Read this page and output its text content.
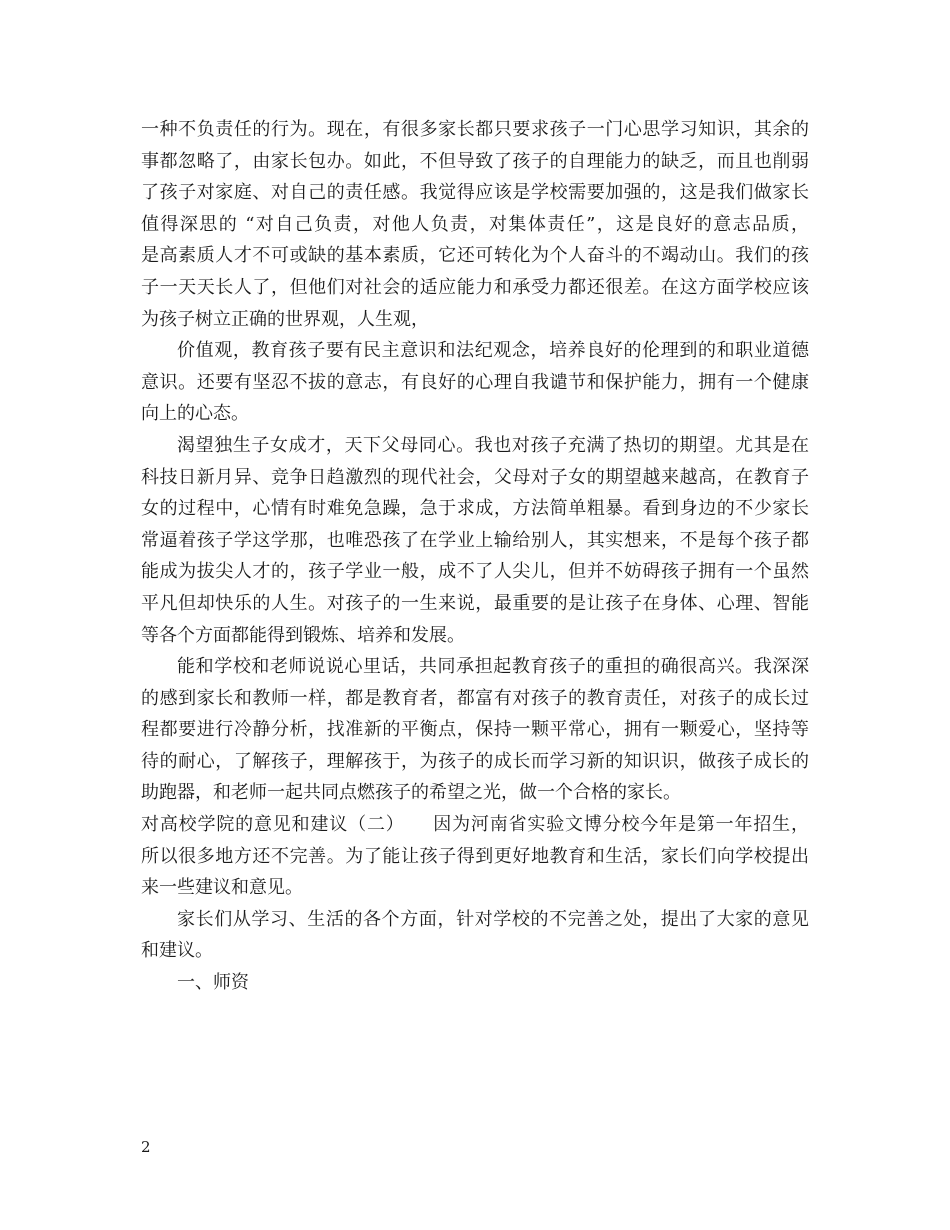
一种不负责任的行为。现在，有很多家长都只要求孩子一门心思学习知识，其余的
事都忽略了，由家长包办。如此，不但导致了孩子的自理能力的缺乏，而且也削弱
了孩子对家庭、对自己的责任感。我觉得应该是学校需要加强的，这是我们做家长
值得深思的 “对自己负责，对他人负责，对集体责任”，这是良好的意志品质，
是高素质人才不可或缺的基本素质，它还可转化为个人奋斗的不竭动山。我们的孩
子一天天长人了，但他们对社会的适应能力和承受力都还很差。在这方面学校应该
为孩子树立正确的世界观，人生观，
价值观，教育孩子要有民主意识和法纪观念，培养良好的伦理到的和职业道德
意识。还要有坚忍不拔的意志，有良好的心理自我谴节和保护能力，拥有一个健康
向上的心态。
渴望独生子女成才，天下父母同心。我也对孩子充满了热切的期望。尤其是在
科技日新月异、竞争日趋激烈的现代社会，父母对子女的期望越来越高，在教育子
女的过程中，心情有时难免急躁，急于求成，方法简单粗暴。看到身边的不少家长
常逼着孩子学这学那，也唯恐孩了在学业上输给别人，其实想来，不是每个孩子都
能成为拔尖人才的，孩子学业一般，成不了人尖儿，但并不妨碍孩子拥有一个虽然
平凡但却快乐的人生。对孩子的一生来说，最重要的是让孩子在身体、心理、智能
等各个方面都能得到锻炼、培养和发展。
能和学校和老师说说心里话，共同承担起教育孩子的重担的确很高兴。我深深
的感到家长和教师一样，都是教育者，都富有对孩子的教育责任，对孩子的成长过
程都要进行冷静分析，找准新的平衡点，保持一颗平常心，拥有一颗爱心，坚持等
待的耐心，了解孩子，理解孩于，为孩子的成长而学习新的知识识，做孩子成长的
助跑器，和老师一起共同点燃孩子的希望之光，做一个合格的家长。
对高校学院的意见和建议（二）　　因为河南省实验文博分校今年是第一年招生，
所以很多地方还不完善。为了能让孩子得到更好地教育和生活，家长们向学校提出
来一些建议和意见。
家长们从学习、生活的各个方面，针对学校的不完善之处，提出了大家的意见
和建议。
一、师资
2
